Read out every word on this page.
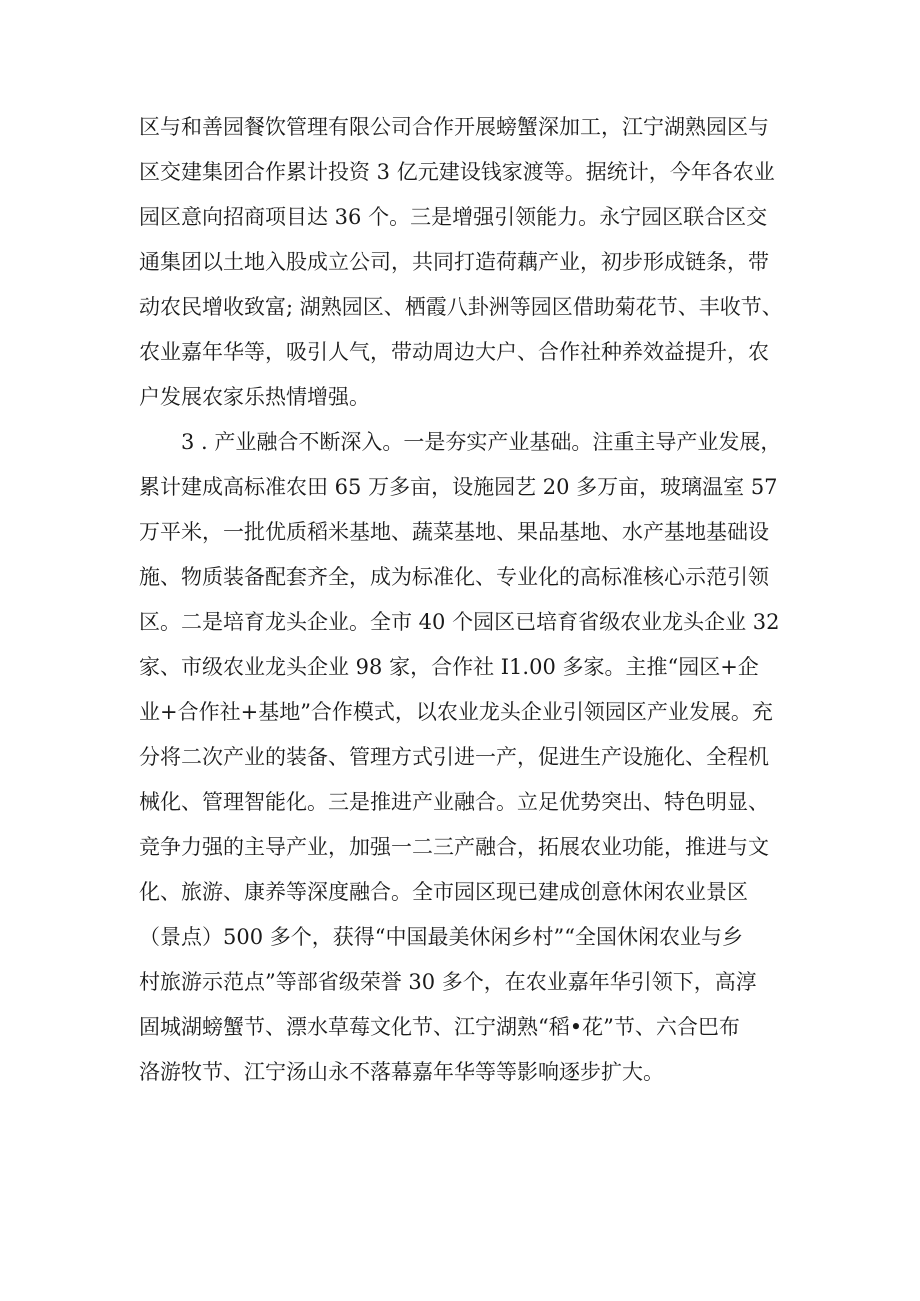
区与和善园餐饮管理有限公司合作开展螃蟹深加工，江宁湖熟园区与
区交建集团合作累计投资 3 亿元建设钱家渡等。据统计，今年各农业
园区意向招商项目达 36 个。三是增强引领能力。永宁园区联合区交
通集团以土地入股成立公司，共同打造荷藕产业，初步形成链条，带
动农民增收致富; 湖熟园区、栖霞八卦洲等园区借助菊花节、丰收节、
农业嘉年华等，吸引人气，带动周边大户、合作社种养效益提升，农
户发展农家乐热情增强。
3 . 产业融合不断深入。一是夯实产业基础。注重主导产业发展，
累计建成高标准农田 65 万多亩，设施园艺 20 多万亩，玻璃温室 57
万平米，一批优质稻米基地、蔬菜基地、果品基地、水产基地基础设
施、物质装备配套齐全，成为标准化、专业化的高标准核心示范引领
区。二是培育龙头企业。全市 40 个园区已培育省级农业龙头企业 32
家、市级农业龙头企业 98 家，合作社 I1.00 多家。主推“园区+企
业+合作社+基地”合作模式，以农业龙头企业引领园区产业发展。充
分将二次产业的装备、管理方式引进一产，促进生产设施化、全程机
械化、管理智能化。三是推进产业融合。立足优势突出、特色明显、
竞争力强的主导产业，加强一二三产融合，拓展农业功能，推进与文
化、旅游、康养等深度融合。全市园区现已建成创意休闲农业景区
（景点）500 多个，获得“中国最美休闲乡村”“全国休闲农业与乡
村旅游示范点”等部省级荣誉 30 多个，在农业嘉年华引领下，高淳
固城湖螃蟹节、漂水草莓文化节、江宁湖熟“稻•花”节、六合巴布
洛游牧节、江宁汤山永不落幕嘉年华等等影响逐步扩大。
